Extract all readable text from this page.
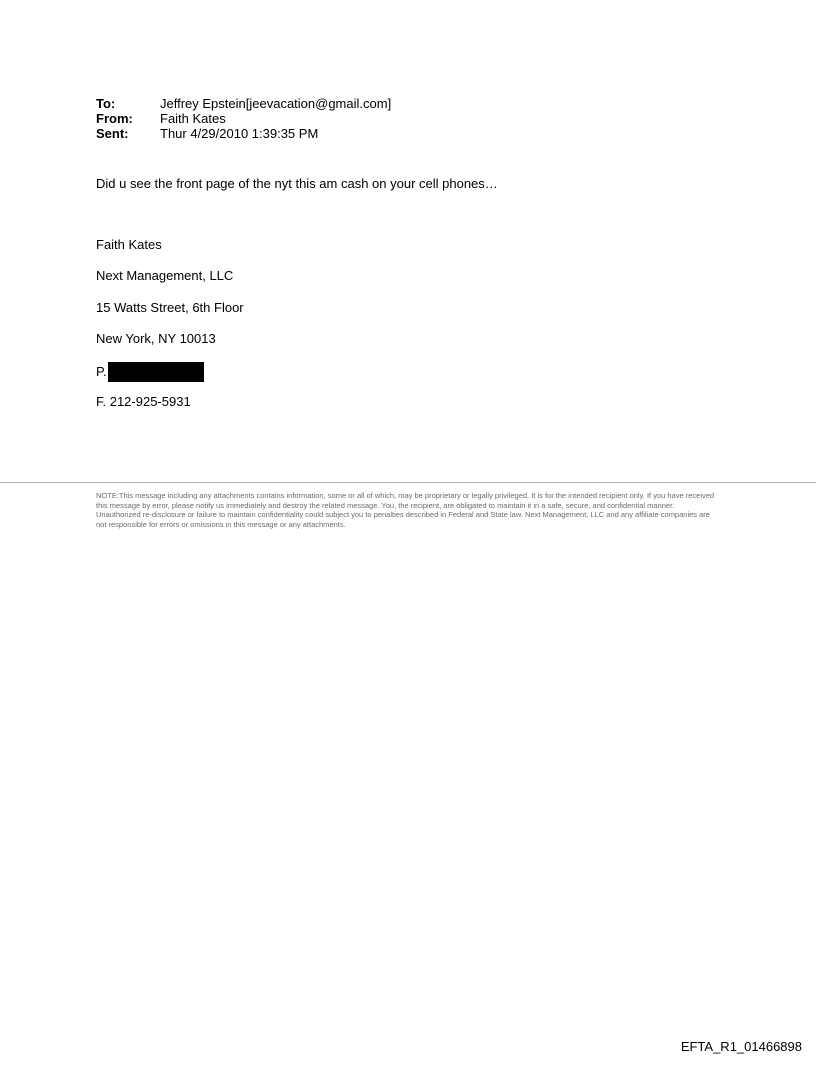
To:	Jeffrey Epstein[jeevacation@gmail.com]
From:	Faith Kates
Sent:	Thur 4/29/2010 1:39:35 PM
Did u see the front page of the nyt this am cash on your cell phones…
Faith Kates
Next Management, LLC
15 Watts Street, 6th Floor
New York, NY 10013
P.
F. 212-925-5931
NOTE:This message including any attachments contains information, some or all of which, may be proprietary or legally privileged. It is for the intended recipient only. If you have received this message by error, please notify us immediately and destroy the related message. You, the recipient, are obligated to maintain it in a safe, secure, and confidential manner. Unauthorized re-disclosure or failure to maintain confidentiality could subject you to penalties described in Federal and State law. Next Management, LLC and any affiliate companies are not responsible for errors or omissions in this message or any attachments.
EFTA_R1_01466898
